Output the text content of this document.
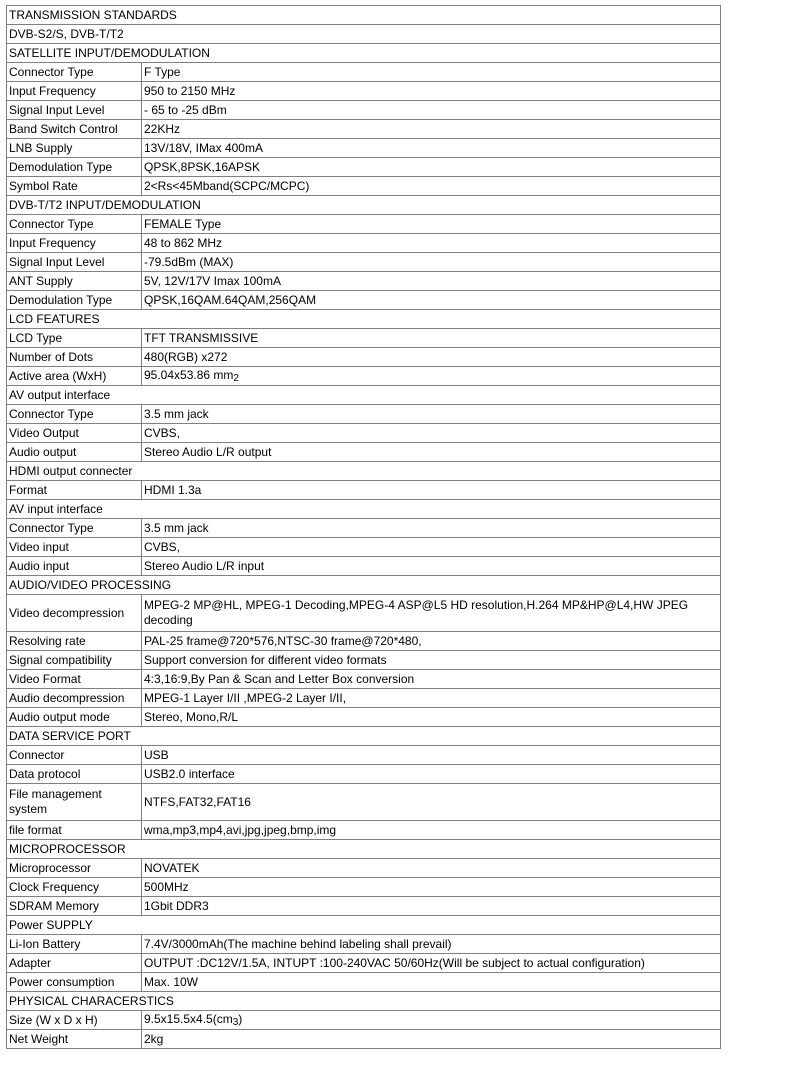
TRANSMISSION STANDARDS	
DVB-S2/S, DVB-T/T2	
SATELLITE INPUT/DEMODULATION	
Connector Type	F Type
Input Frequency	950 to 2150 MHz
Signal Input Level	- 65 to -25 dBm
Band Switch Control	22KHz
LNB Supply	13V/18V, IMax 400mA
Demodulation Type	QPSK,8PSK,16APSK
Symbol Rate	2<Rs<45Mband(SCPC/MCPC)
DVB-T/T2 INPUT/DEMODULATION	
Connector Type	FEMALE Type
Input Frequency	48 to 862 MHz
Signal Input Level	-79.5dBm (MAX)
ANT Supply	5V, 12V/17V Imax 100mA
Demodulation Type	QPSK,16QAM.64QAM,256QAM
LCD FEATURES	
LCD Type	TFT TRANSMISSIVE
Number of Dots	480(RGB) x272
Active area (WxH)	95.04x53.86 mm2
AV output interface	
Connector Type	3.5 mm jack
Video Output	CVBS,
Audio output	Stereo Audio L/R output
HDMI output connecter	
Format	HDMI 1.3a
AV input interface	
Connector Type	3.5 mm jack
Video input	CVBS,
Audio input	Stereo Audio L/R input
AUDIO/VIDEO PROCESSING	
Video decompression	MPEG-2 MP@HL, MPEG-1 Decoding,MPEG-4 ASP@L5 HD resolution,H.264 MP&HP@L4,HW JPEG decoding
Resolving rate	PAL-25 frame@720*576,NTSC-30 frame@720*480,
Signal compatibility	Support conversion for different video formats
Video Format	4:3,16:9,By Pan & Scan and Letter Box conversion
Audio decompression	MPEG-1 Layer I/II ,MPEG-2 Layer I/II,
Audio output mode	Stereo, Mono,R/L
DATA SERVICE PORT	
Connector	USB
Data protocol	USB2.0 interface
File management system	NTFS,FAT32,FAT16
file format	wma,mp3,mp4,avi,jpg,jpeg,bmp,img
MICROPROCESSOR	
Microprocessor	NOVATEK
Clock Frequency	500MHz
SDRAM Memory	1Gbit DDR3
Power SUPPLY	
Li-Ion Battery	7.4V/3000mAh(The machine behind labeling shall prevail)
Adapter	OUTPUT :DC12V/1.5A, INTUPT :100-240VAC 50/60Hz(Will be subject to actual configuration)
Power consumption	Max. 10W
PHYSICAL CHARACERSTICS	
Size (W x D x H)	9.5x15.5x4.5(cm3)
Net Weight	2kg
